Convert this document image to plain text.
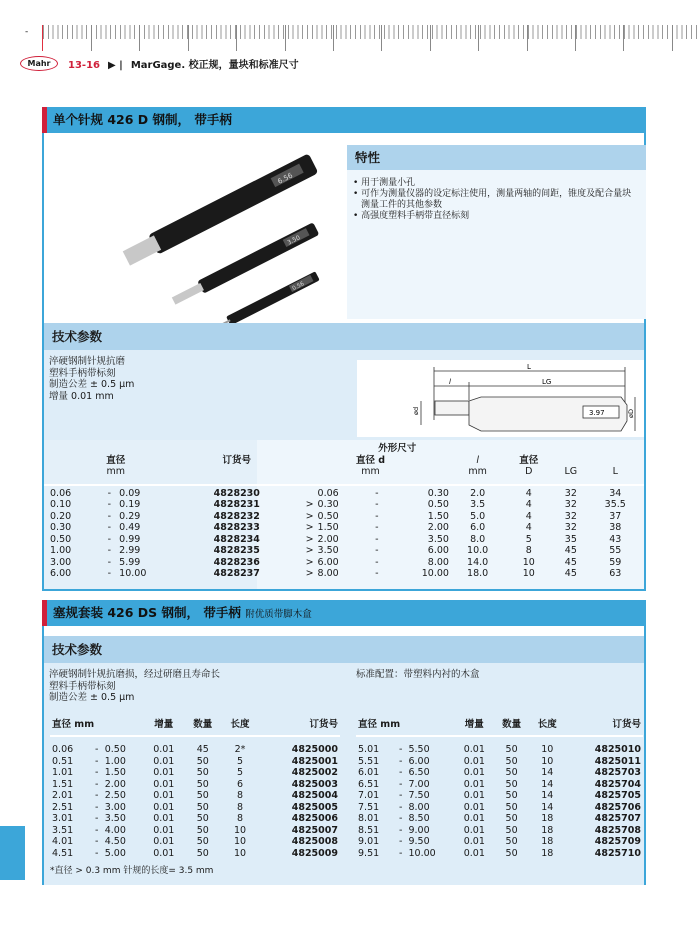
-
Mahr	13-16 ▶ | MarGage. 校正规，量块和标准尺寸
单个针规 426 D 钢制， 带手柄
6.56
3.50
0.56
特性
• 用于测量小孔
• 可作为测量仪器的设定标注使用，测量两轴的间距，锥度及配合量块测量工件的其他参数
• 高强度塑料手柄带直径标刻
技术参数
淬硬钢制针规抗磨
塑料手柄带标刻
制造公差 ± 0.5 μm
增量 0.01 mm
L
l	LG
3.97
ød	øD
				外形尺寸							
直径			订货号	直径 d				l	直径		
mm				mm				mm	D	LG	L

0.06	-	0.09	4828230		0.06	-	0.30	2.0	4	32	34
0.10	-	0.19	4828231	>	0.30	-	0.50	3.5	4	32	35.5
0.20	-	0.29	4828232	>	0.50	-	1.50	5.0	4	32	37
0.30	-	0.49	4828233	>	1.50	-	2.00	6.0	4	32	38
0.50	-	0.99	4828234	>	2.00	-	3.50	8.0	5	35	43
1.00	-	2.99	4828235	>	3.50	-	6.00	10.0	8	45	55
3.00	-	5.99	4828236	>	6.00	-	8.00	14.0	10	45	59
6.00	-	10.00	4828237	>	8.00	-	10.00	18.0	10	45	63
塞规套装 426 DS 钢制， 带手柄 附优质带脚木盒
技术参数
淬硬钢制针规抗磨损，经过研磨且寿命长
塑料手柄带标刻
制造公差 ± 0.5 μm
标准配置：带塑料内衬的木盒
直径 mm			增量	数量	长度	订货号

0.06	-	0.50	0.01	45	2*	4825000
0.51	-	1.00	0.01	50	5	4825001
1.01	-	1.50	0.01	50	5	4825002
1.51	-	2.00	0.01	50	6	4825003
2.01	-	2.50	0.01	50	8	4825004
2.51	-	3.00	0.01	50	8	4825005
3.01	-	3.50	0.01	50	8	4825006
3.51	-	4.00	0.01	50	10	4825007
4.01	-	4.50	0.01	50	10	4825008
4.51	-	5.00	0.01	50	10	4825009
直径 mm			增量	数量	长度	订货号

5.01	-	5.50	0.01	50	10	4825010
5.51	-	6.00	0.01	50	10	4825011
6.01	-	6.50	0.01	50	14	4825703
6.51	-	7.00	0.01	50	14	4825704
7.01	-	7.50	0.01	50	14	4825705
7.51	-	8.00	0.01	50	14	4825706
8.01	-	8.50	0.01	50	18	4825707
8.51	-	9.00	0.01	50	18	4825708
9.01	-	9.50	0.01	50	18	4825709
9.51	-	10.00	0.01	50	18	4825710
*直径 > 0.3 mm 针规的长度= 3.5 mm
